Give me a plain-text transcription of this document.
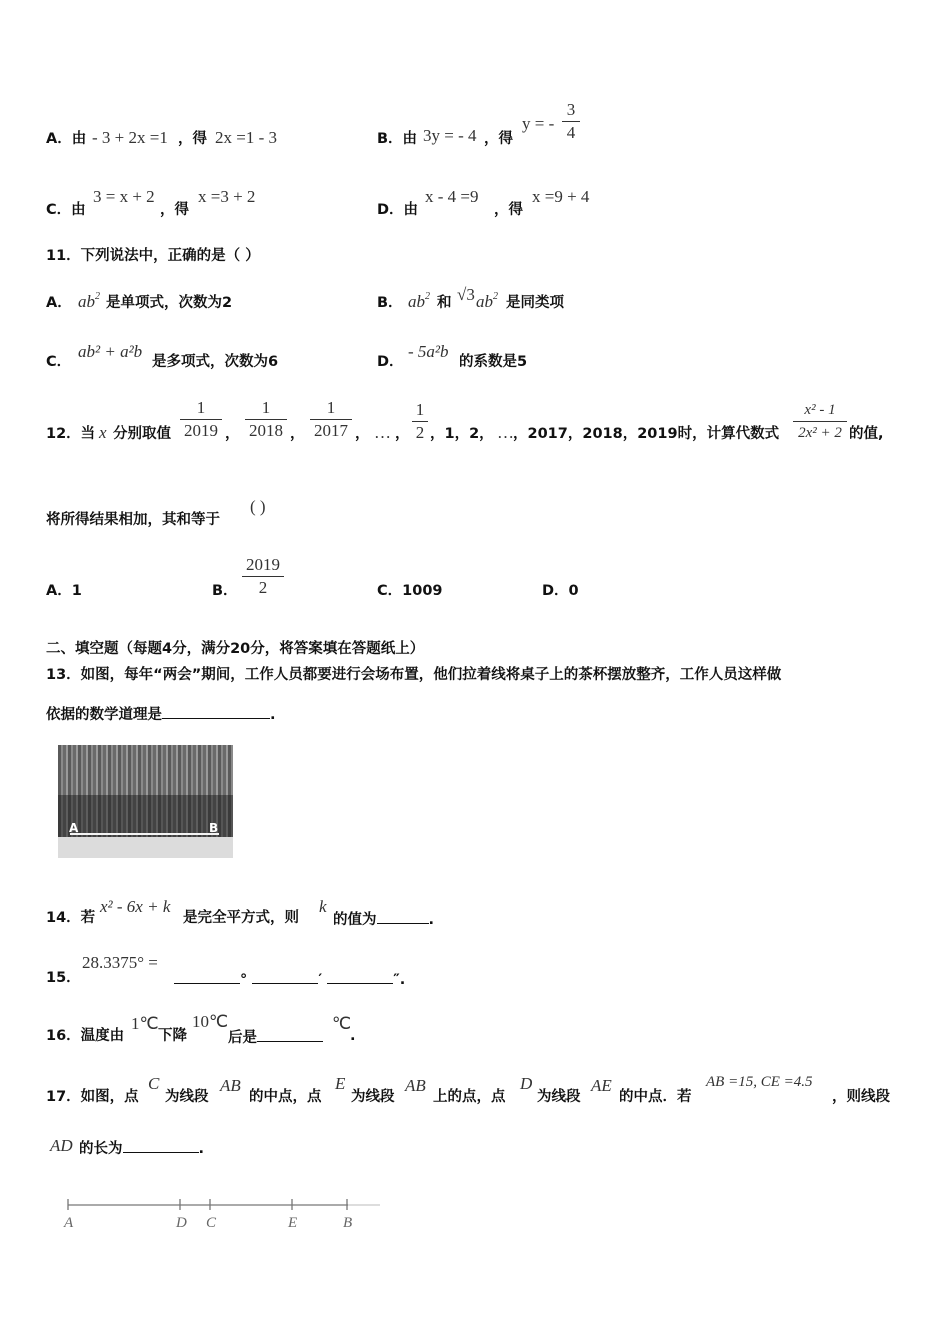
A．由 - 3 + 2x =1 ，得 2x =1 - 3	B．由 3y = - 4 ，得
y = -
3
4
C．由
3 = x + 2
，得
x =3 + 2
D．由
x - 4 =9
，得
x =9 + 4
11．下列说法中，正确的是（ ）
A． $ab^2$ 是单项式，次数为2	B． $ab^2$ 和 √3 $ab^2$ 是同类项
C．
ab² + a²b
是多项式，次数为6	D．
- 5a²b
的系数是5
12．当 x 分别取值
1
2019 ，
1
2018 ，
1
2017 ， … ，
1
2 ，1，2， … ，2017，2018，2019时，计算代数式
x² - 1
2x² + 2 的值,
将所得结果相加，其和等于
( )
A．1	B．
2019
2	C．1009	D．0
二、填空题（每题4分，满分20分，将答案填在答题纸上）
13．如图，每年“两会”期间，工作人员都要进行会场布置，他们拉着线将桌子上的茶杯摆放整齐，工作人员这样做
依据的数学道理是	.
A	B
14．若
x² - 6x + k
是完全平方式，则
k
的值为	.
15．
28.3375° =
°	′	″.
16．温度由
1℃
下降
10℃
后是
℃
.
17．如图，点
C
为线段
AB
的中点，点
E
为线段
AB
上的点，点
D
为线段
AE
的中点．若
AB =15, CE =4.5
，则线段
AD 的长为	.
A	D C	E	B
